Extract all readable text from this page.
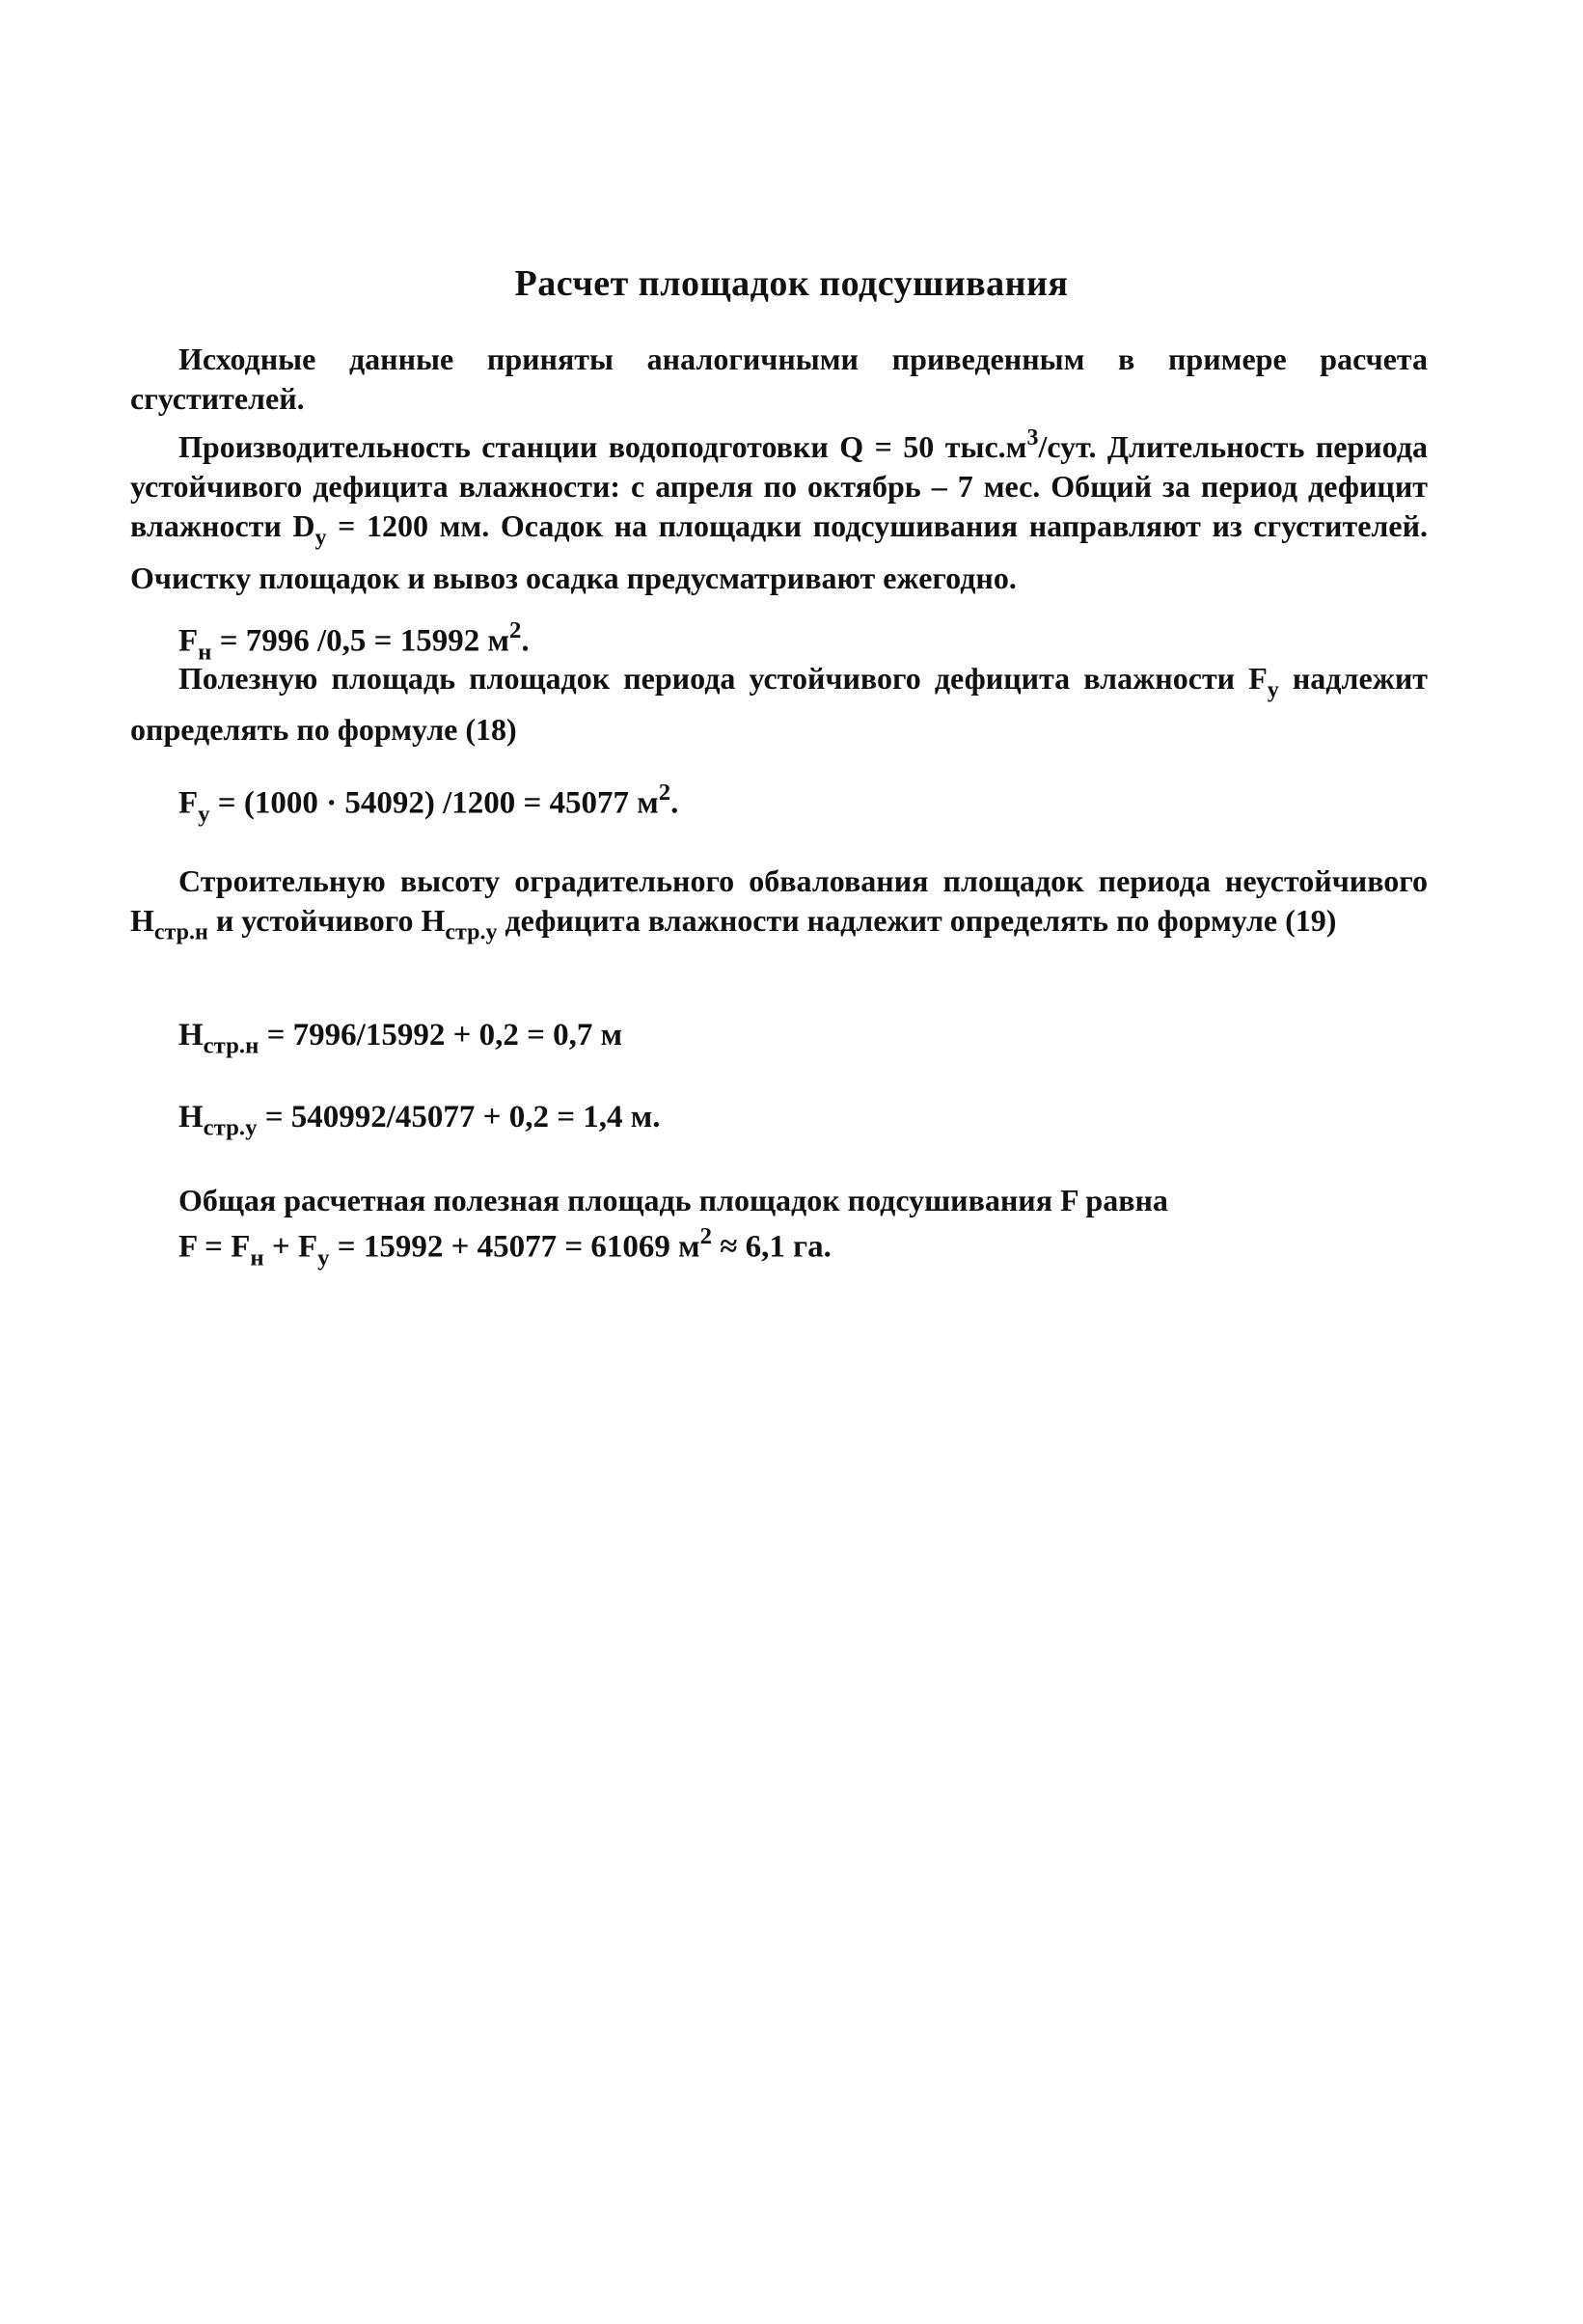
Расчет площадок подсушивания

Исходные данные приняты аналогичными приведенным в примере расчета сгустителей.

Производительность станции водоподготовки Q = 50 $тыс.м^3$/сут. Длительность периода устойчивого дефицита влажности: с апреля по октябрь – 7 мес. Общий за период дефицит влажности $D_у = 1200$ мм. Осадок на площадки подсушивания направляют из сгустителей. Очистку площадок и вывоз осадка предусматривают ежегодно.

$F_н = 7996$ /0,5 = 15992 $м^2$.

Полезную площадь площадок периода устойчивого дефицита влажности $F_у$ надлежит определять по формуле (18)

$F_у = (1000 \cdot 54092) /1200 = 45077$ $м^2$.

Строительную высоту оградительного обвалования площадок периода неустойчивого $H_{стр.н}$ и устойчивого $H_{стр.у}$ дефицита влажности надлежит определять по формуле (19)

$H_{стр.н} = 7996/15992 + 0,2 = 0,7$ м
$H_{стр.у} = 540992/45077 + 0,2 = 1,4$ м.
Общая расчетная полезная площадь площадок подсушивания F равна
$F = F_н + F_у = 15992 + 45077 = 61069$ $м^2 \approx 6,1$ га.
